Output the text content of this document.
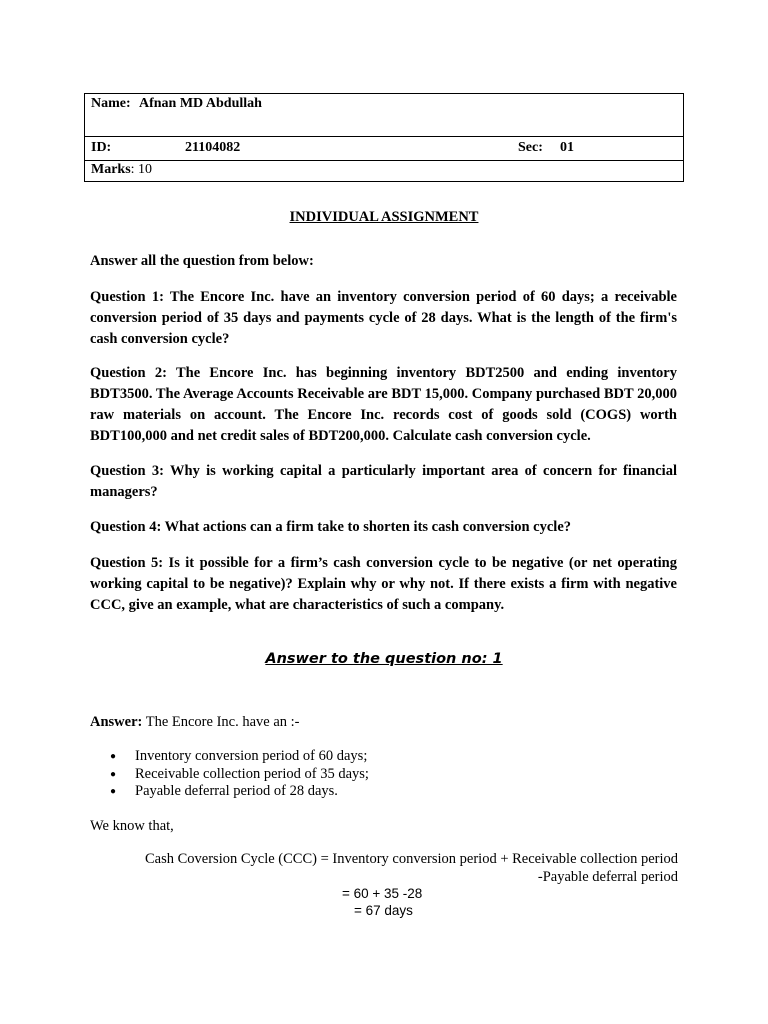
Name: Afnan MD Abdullah
ID:	21104082	Sec: 01
Marks: 10
INDIVIDUAL ASSIGNMENT
Answer all the question from below:
Question 1: The Encore Inc. have an inventory conversion period of 60 days; a receivable conversion period of 35 days and payments cycle of 28 days. What is the length of the firm's cash conversion cycle?
Question 2: The Encore Inc. has beginning inventory BDT2500 and ending inventory BDT3500. The Average Accounts Receivable are BDT 15,000. Company purchased BDT 20,000 raw materials on account. The Encore Inc. records cost of goods sold (COGS) worth BDT100,000 and net credit sales of BDT200,000. Calculate cash conversion cycle.
Question 3: Why is working capital a particularly important area of concern for financial managers?
Question 4: What actions can a firm take to shorten its cash conversion cycle?
Question 5: Is it possible for a firm’s cash conversion cycle to be negative (or net operating working capital to be negative)? Explain why or why not. If there exists a firm with negative CCC, give an example, what are characteristics of such a company.
Answer to the question no: 1
Answer: The Encore Inc. have an :-
● Inventory conversion period of 60 days;
● Receivable collection period of 35 days;
● Payable deferral period of 28 days.
We know that,
Cash Coversion Cycle (CCC) = Inventory conversion period + Receivable collection period
-Payable deferral period
= 60 + 35 -28
= 67 days
